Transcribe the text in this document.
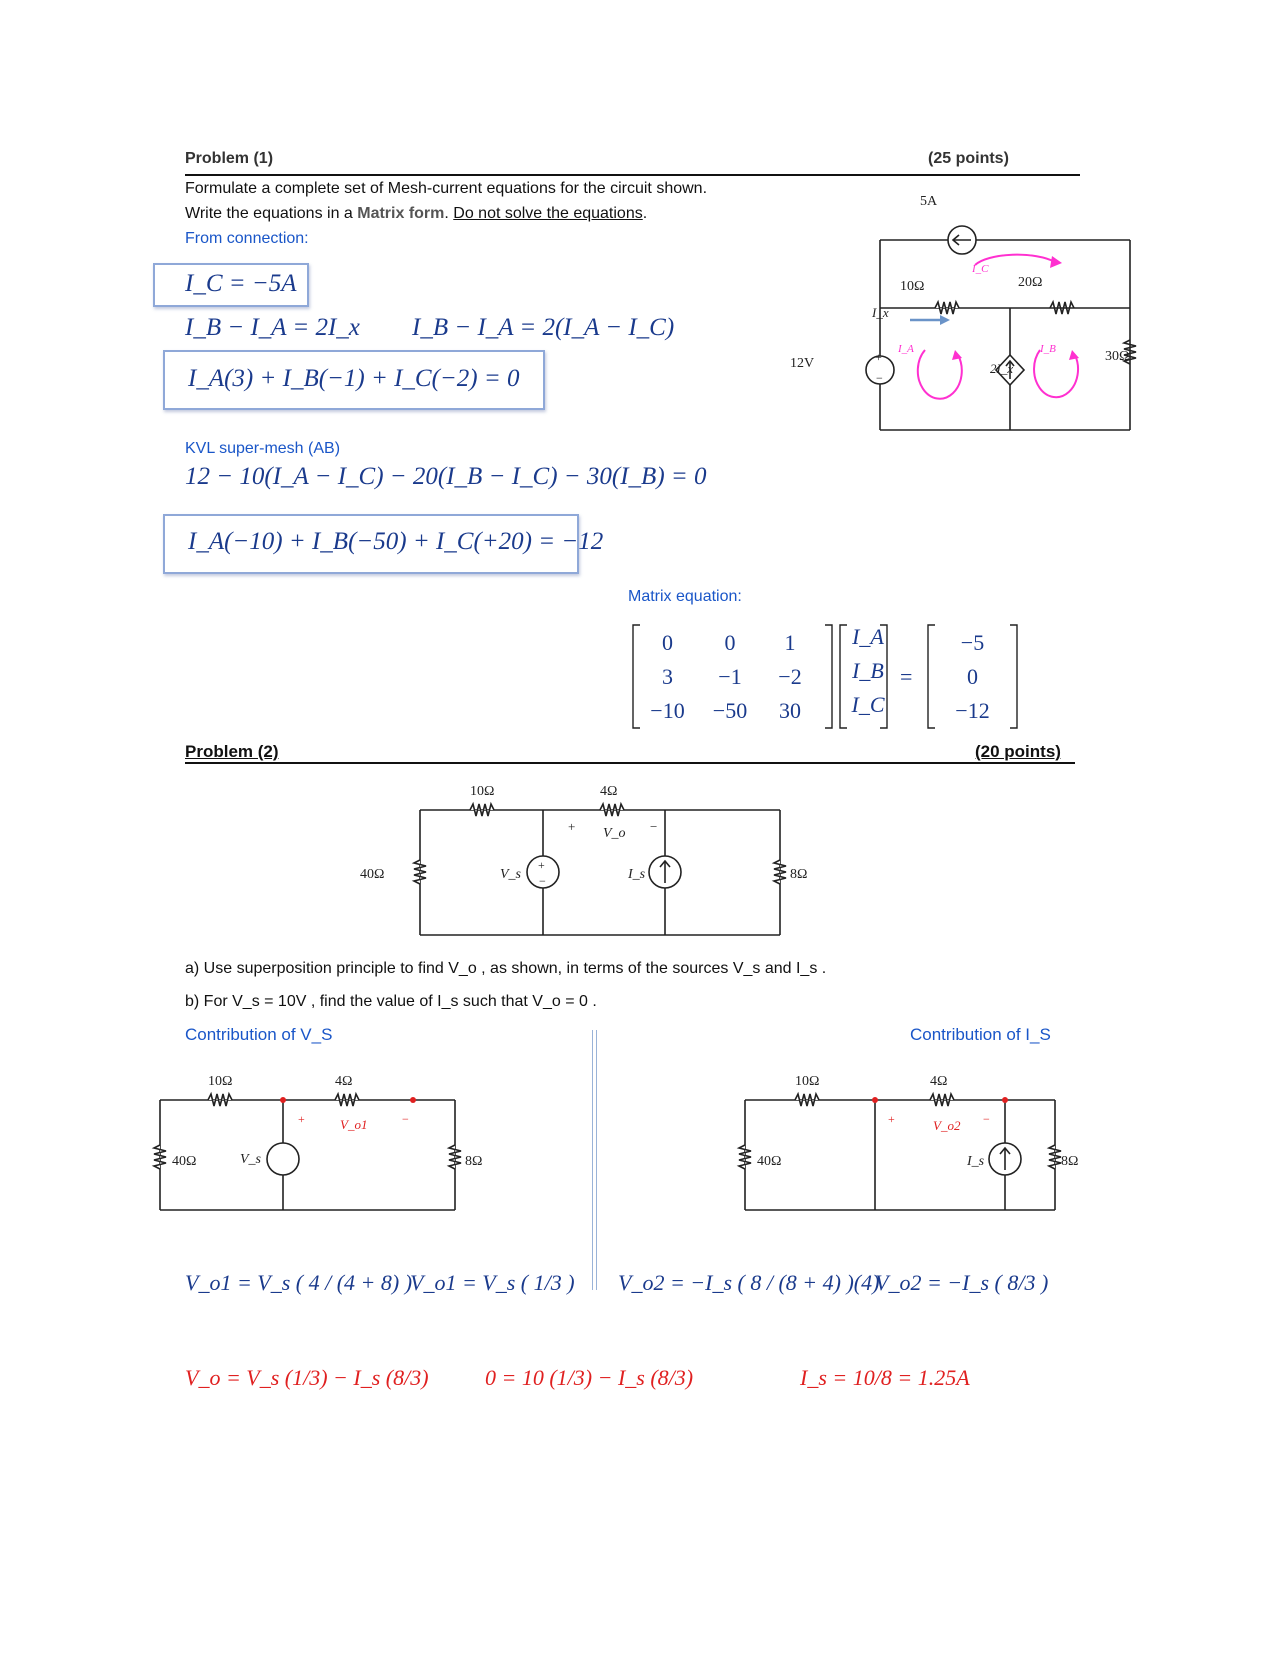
Problem (1)	(25 points)
Formulate a complete set of Mesh-current equations for the circuit shown.
Write the equations in a Matrix form. Do not solve the equations.
From connection:
I_C = −5A
I_B − I_A = 2I_x I_B − I_A = 2(I_A − I_C)
I_A(3) + I_B(−1) + I_C(−2) = 0
KVL super-mesh (AB)
12 − 10(I_A − I_C) − 20(I_B − I_C) − 30(I_B) = 0
I_A(−10) + I_B(−50) + I_C(+20) = −12
5A
10Ω	20Ω
30Ω
12V	+
−
I_x
2I_x
I_A	I_B
I_C
Matrix equation:
=
0	0	1
3	−1	−2
−10	−50	30
I_A
I_B
I_C
−5
0
−12
Problem (2)	(20 points)
10Ω	4Ω
40Ω	8Ω
V_s	I_s
V_o
+	−
+
−
a) Use superposition principle to find V_o , as shown, in terms of the sources V_s and I_s .
b) For V_s = 10V , find the value of I_s such that V_o = 0 .
Contribution of V_S	Contribution of I_S
10Ω	4Ω
40Ω	8Ω
V_s
V_o1
+	−
10Ω	4Ω
40Ω	8Ω
I_s
V_o2
+	−
V_o1 = V_s ( 4 / (4 + 8) )
V_o1 = V_s ( 1/3 ) V_o2 = −I_s ( 8 / (8 + 4) )(4)
V_o2 = −I_s ( 8/3 )
V_o = V_s (1/3) − I_s (8/3)	0 = 10 (1/3) − I_s (8/3)	I_s = 10/8 = 1.25A
